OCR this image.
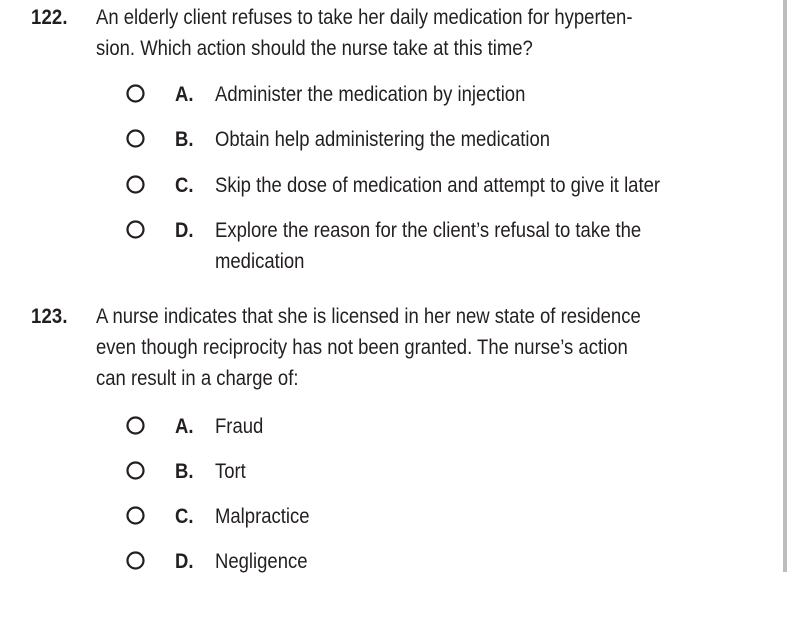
122. An elderly client refuses to take her daily medication for hyperten-
sion. Which action should the nurse take at this time?
A. Administer the medication by injection
B. Obtain help administering the medication
C. Skip the dose of medication and attempt to give it later
D. Explore the reason for the client’s refusal to take the
medication
123. A nurse indicates that she is licensed in her new state of residence
even though reciprocity has not been granted. The nurse’s action
can result in a charge of:
A. Fraud
B. Tort
C. Malpractice
D. Negligence
